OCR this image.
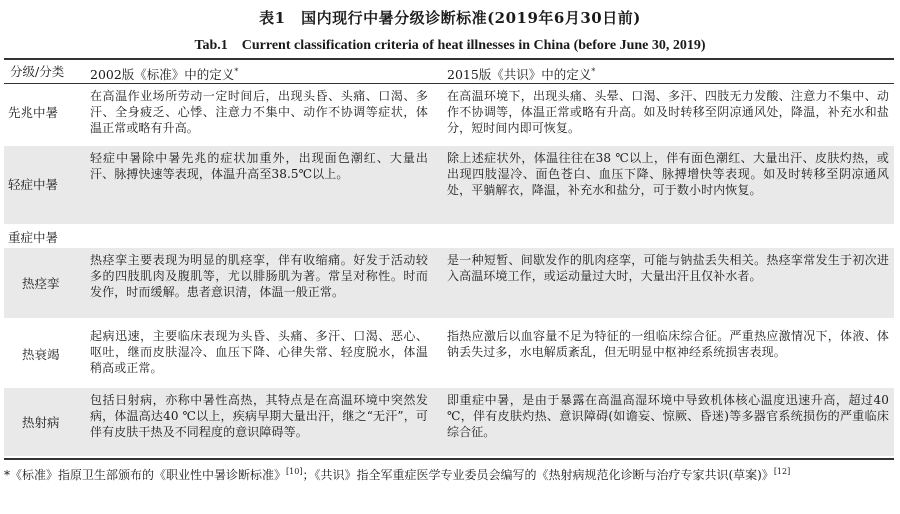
表1　国内现行中暑分级诊断标准(2019年6月30日前)
Tab.1　Current classification criteria of heat illnesses in China (before June 30, 2019)
分级/分类 2002版《标准》中的定义*	2015版《共识》中的定义*
先兆中暑
在高温作业场所劳动一定时间后，出现头昏、头痛、口渴、多汗、全身疲乏、心悸、注意力不集中、动作不协调等症状，体温正常或略有升高。
在高温环境下，出现头痛、头晕、口渴、多汗、四肢无力发酸、注意力不集中、动作不协调等，体温正常或略有升高。如及时转移至阴凉通风处，降温，补充水和盐分，短时间内即可恢复。
轻症中暑
轻症中暑除中暑先兆的症状加重外，出现面色潮红、大量出汗、脉搏快速等表现，体温升高至38.5℃以上。
除上述症状外，体温往往在38 ℃以上，伴有面色潮红、大量出汗、皮肤灼热，或出现四肢湿冷、面色苍白、血压下降、脉搏增快等表现。如及时转移至阴凉通风处，平躺解衣，降温，补充水和盐分，可于数小时内恢复。
重症中暑
热痉挛
热痉挛主要表现为明显的肌痉挛，伴有收缩痛。好发于活动较多的四肢肌肉及腹肌等，尤以腓肠肌为著。常呈对称性。时而发作，时而缓解。患者意识清，体温一般正常。
是一种短暂、间歇发作的肌肉痉挛，可能与钠盐丢失相关。热痉挛常发生于初次进入高温环境工作，或运动量过大时，大量出汗且仅补水者。
热衰竭
起病迅速，主要临床表现为头昏、头痛、多汗、口渴、恶心、呕吐，继而皮肤湿冷、血压下降、心律失常、轻度脱水，体温稍高或正常。
指热应激后以血容量不足为特征的一组临床综合征。严重热应激情况下，体液、体钠丢失过多，水电解质紊乱，但无明显中枢神经系统损害表现。
热射病
包括日射病，亦称中暑性高热，其特点是在高温环境中突然发病，体温高达40 ℃以上，疾病早期大量出汗，继之“无汗”，可伴有皮肤干热及不同程度的意识障碍等。
即重症中暑，是由于暴露在高温高湿环境中导致机体核心温度迅速升高，超过40 ℃，伴有皮肤灼热、意识障碍(如谵妄、惊厥、昏迷)等多器官系统损伤的严重临床综合征。
*《标准》指原卫生部颁布的《职业性中暑诊断标准》[10]；《共识》指全军重症医学专业委员会编写的《热射病规范化诊断与治疗专家共识(草案)》[12]
